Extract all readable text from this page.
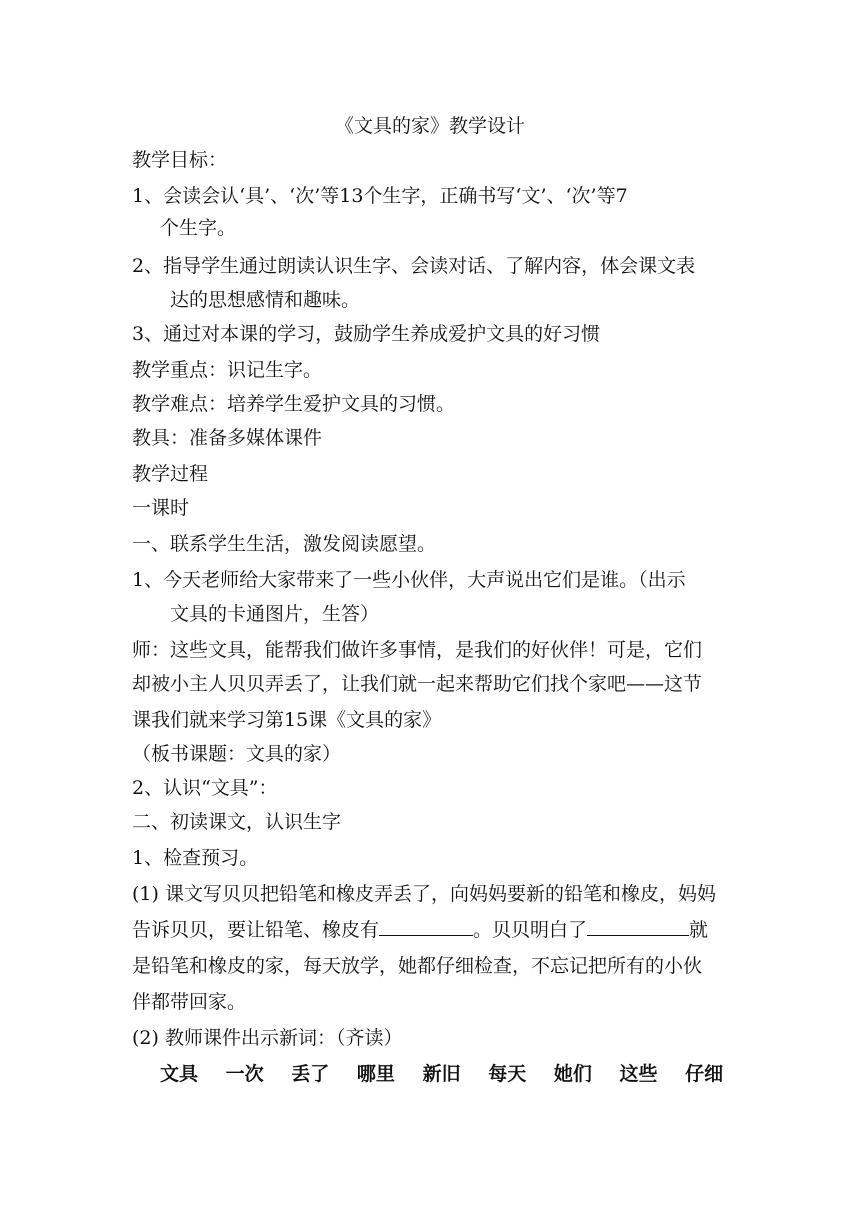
《文具的家》教学设计
教学目标：
1、会读会认‘具’、‘次’等13个生字，正确书写‘文’、‘次’等7
个生字。
2、指导学生通过朗读认识生字、会读对话、了解内容，体会课文表
达的思想感情和趣味。
3、通过对本课的学习，鼓励学生养成爱护文具的好习惯
教学重点：识记生字。
教学难点：培养学生爱护文具的习惯。
教具：准备多媒体课件
教学过程
一课时
一、联系学生生活，激发阅读愿望。
1、今天老师给大家带来了一些小伙伴，大声说出它们是谁。（出示
文具的卡通图片，生答）
师：这些文具，能帮我们做许多事情，是我们的好伙伴！可是，它们
却被小主人贝贝弄丢了，让我们就一起来帮助它们找个家吧——这节
课我们就来学习第15课《文具的家》
（板书课题：文具的家）
2、认识“文具”：
二、初读课文，认识生字
1、检查预习。
(1) 课文写贝贝把铅笔和橡皮弄丢了，向妈妈要新的铅笔和橡皮，妈妈
告诉贝贝，要让铅笔、橡皮有	。贝贝明白了	就
是铅笔和橡皮的家，每天放学，她都仔细检查，不忘记把所有的小伙
伴都带回家。
(2) 教师课件出示新词：（齐读）
文具 一次 丢了 哪里 新旧 每天 她们 这些 仔细
